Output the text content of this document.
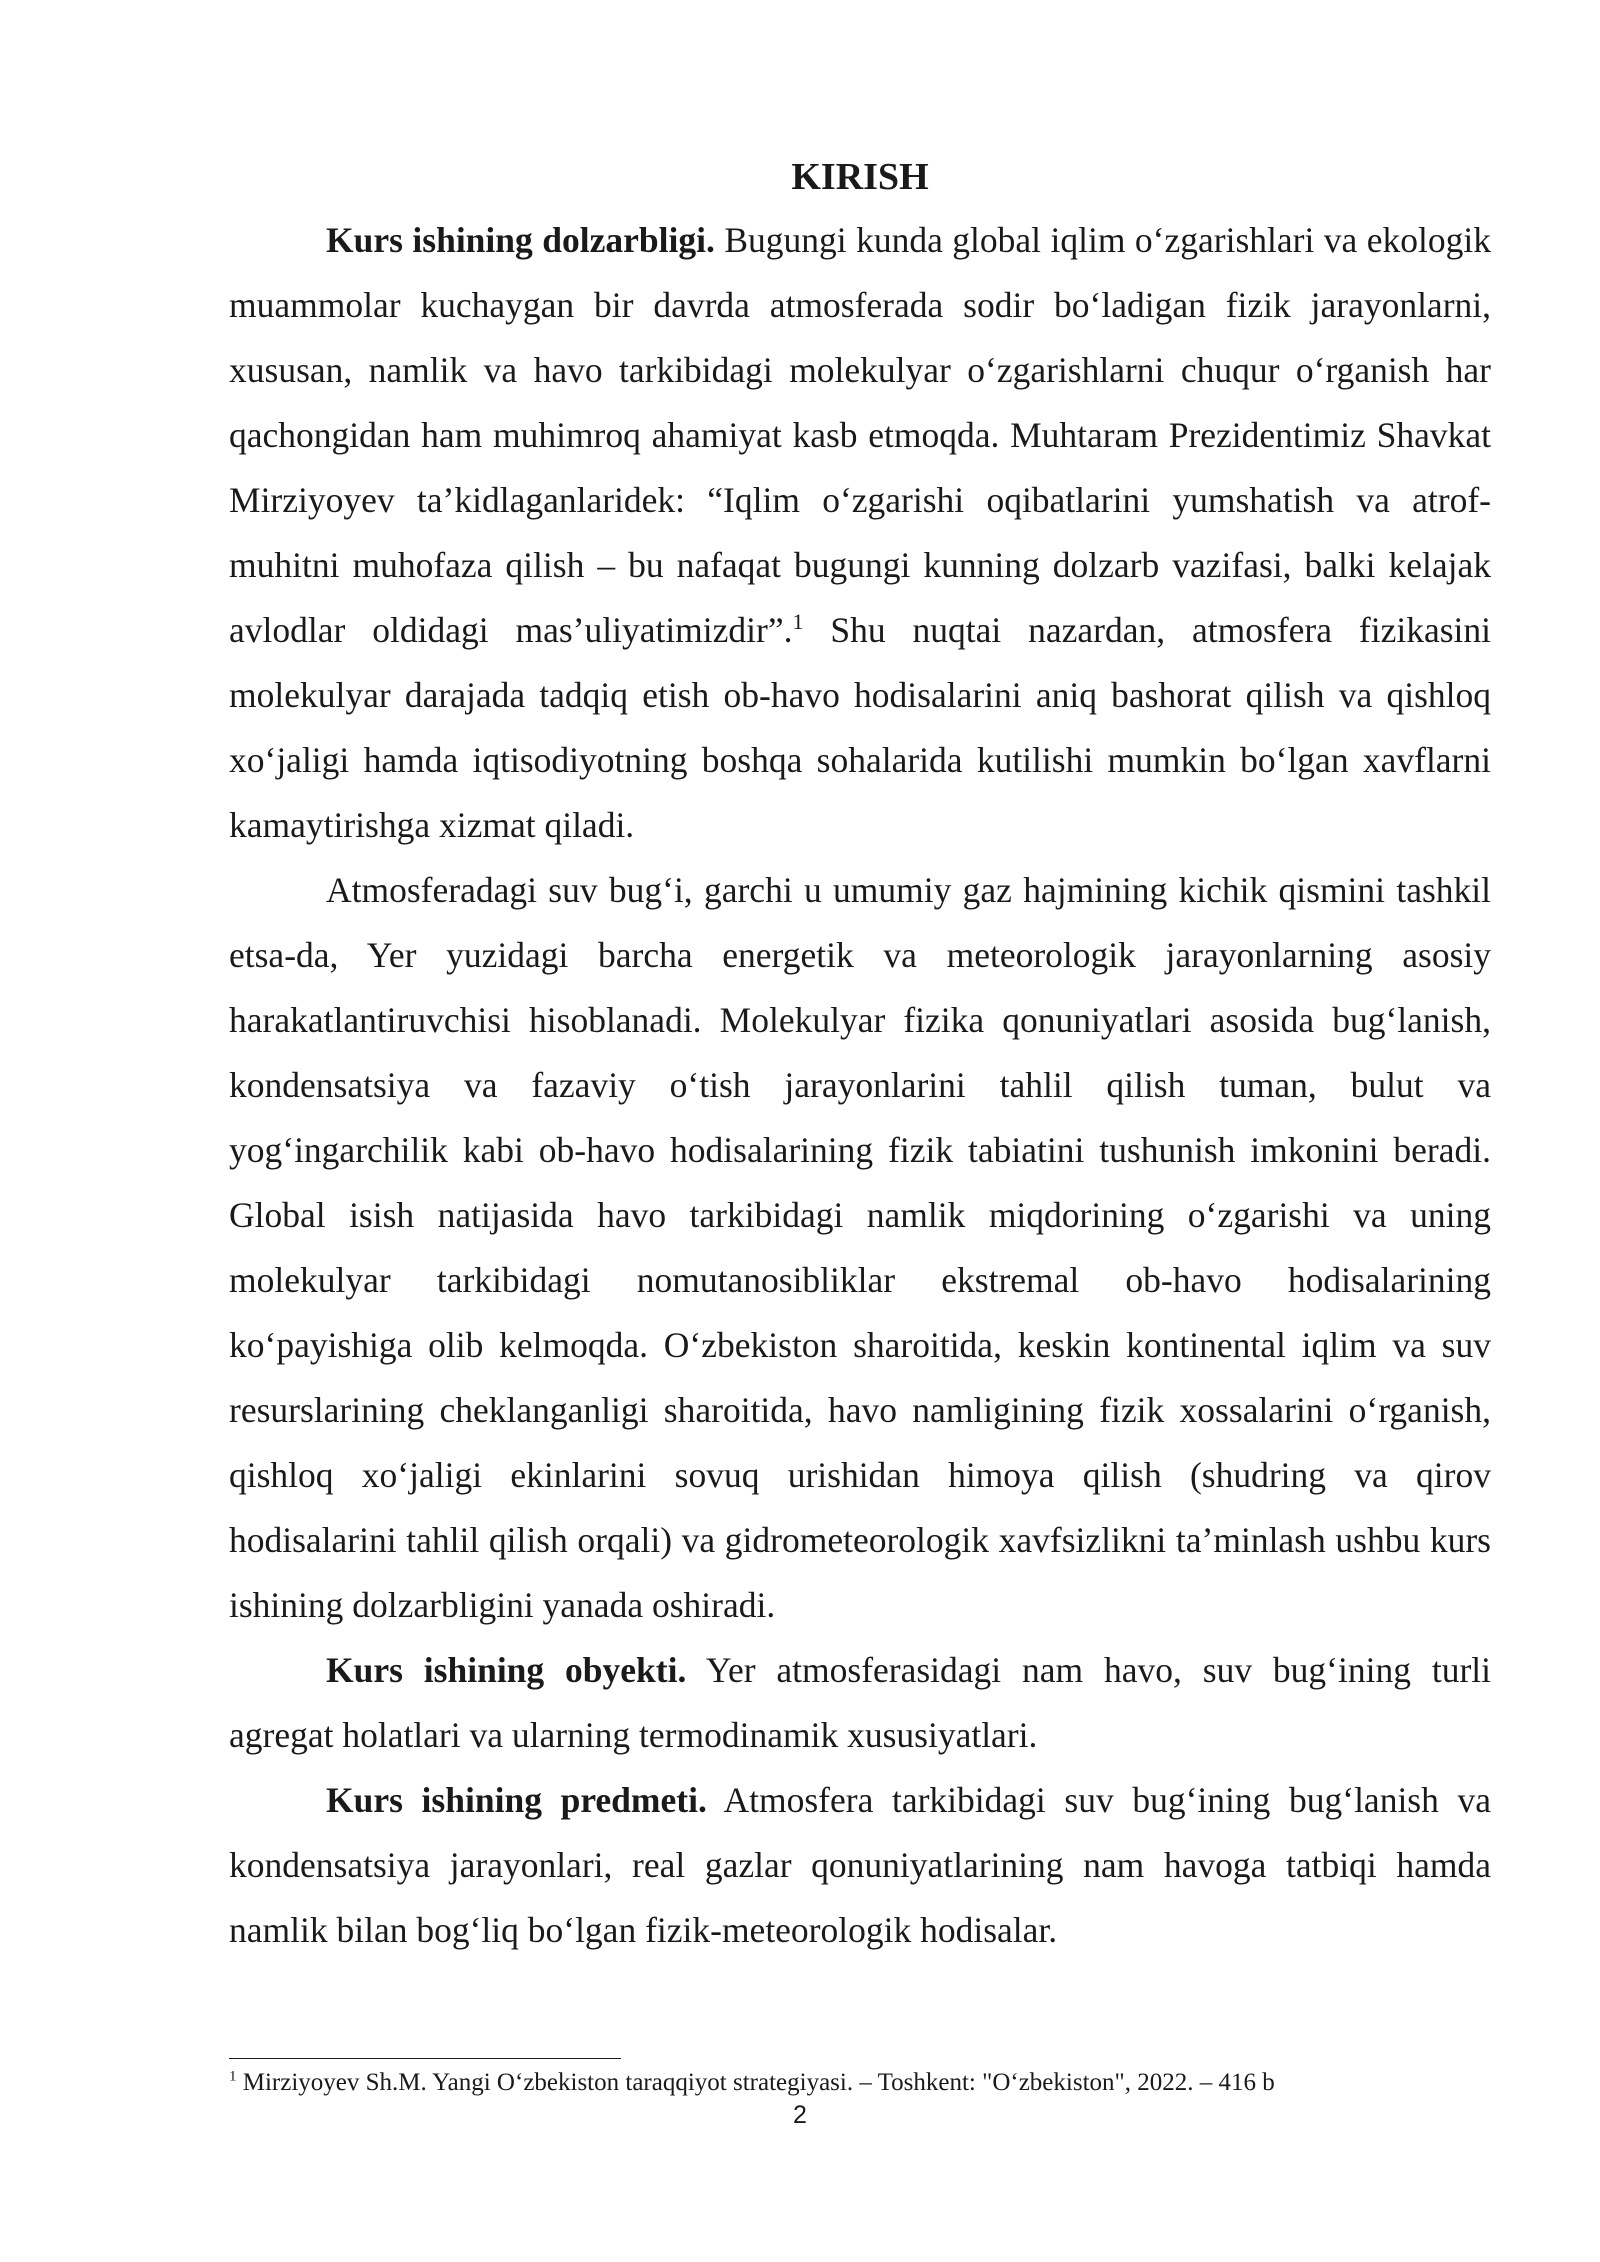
KIRISH

Kurs ishining dolzarbligi. Bugungi kunda global iqlim o‘zgarishlari va ekologik muammolar kuchaygan bir davrda atmosferada sodir bo‘ladigan fizik jarayonlarni, xususan, namlik va havo tarkibidagi molekulyar o‘zgarishlarni chuqur o‘rganish har qachongidan ham muhimroq ahamiyat kasb etmoqda. Muhtaram Prezidentimiz Shavkat Mirziyoyev ta’kidlaganlaridek: “Iqlim o‘zgarishi oqibatlarini yumshatish va atrof-muhitni muhofaza qilish – bu nafaqat bugungi kunning dolzarb vazifasi, balki kelajak avlodlar oldidagi mas’uliyatimizdir”.$^1$ Shu nuqtai nazardan, atmosfera fizikasini molekulyar darajada tadqiq etish ob-havo hodisalarini aniq bashorat qilish va qishloq xo‘jaligi hamda iqtisodiyotning boshqa sohalarida kutilishi mumkin bo‘lgan xavflarni kamaytirishga xizmat qiladi.

Atmosferadagi suv bug‘i, garchi u umumiy gaz hajmining kichik qismini tashkil etsa-da, Yer yuzidagi barcha energetik va meteorologik jarayonlarning asosiy harakatlantiruvchisi hisoblanadi. Molekulyar fizika qonuniyatlari asosida bug‘lanish, kondensatsiya va fazaviy o‘tish jarayonlarini tahlil qilish tuman, bulut va yog‘ingarchilik kabi ob-havo hodisalarining fizik tabiatini tushunish imkonini beradi. Global isish natijasida havo tarkibidagi namlik miqdorining o‘zgarishi va uning molekulyar tarkibidagi nomutanosibliklar ekstremal ob-havo hodisalarining ko‘payishiga olib kelmoqda. O‘zbekiston sharoitida, keskin kontinental iqlim va suv resurslarining cheklanganligi sharoitida, havo namligining fizik xossalarini o‘rganish, qishloq xo‘jaligi ekinlarini sovuq urishidan himoya qilish (shudring va qirov hodisalarini tahlil qilish orqali) va gidrometeorologik xavfsizlikni ta’minlash ushbu kurs ishining dolzarbligini yanada oshiradi.

Kurs ishining obyekti. Yer atmosferasidagi nam havo, suv bug‘ining turli agregat holatlari va ularning termodinamik xususiyatlari.

Kurs ishining predmeti. Atmosfera tarkibidagi suv bug‘ining bug‘lanish va kondensatsiya jarayonlari, real gazlar qonuniyatlarining nam havoga tatbiqi hamda namlik bilan bog‘liq bo‘lgan fizik-meteorologik hodisalar.

$^1$ Mirziyoyev Sh.M. Yangi O‘zbekiston taraqqiyot strategiyasi. – Toshkent: "O‘zbekiston", 2022. – 416 b
2
